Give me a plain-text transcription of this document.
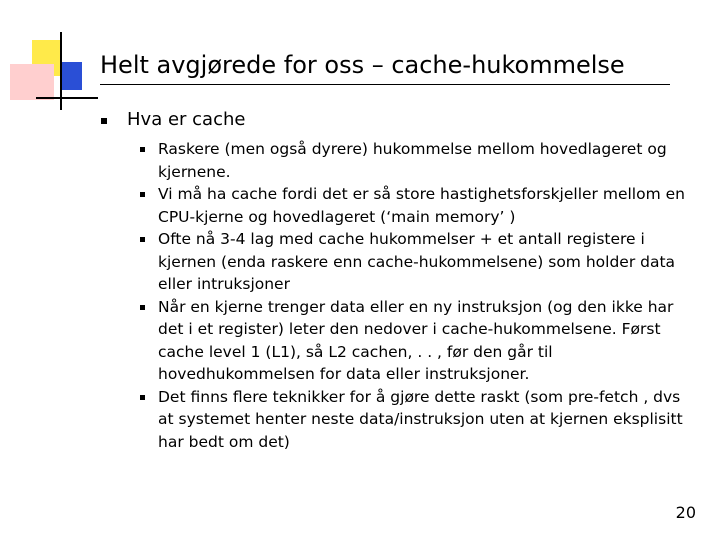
Helt avgjørede for oss – cache-hukommelse
Hva er cache
Raskere (men også dyrere) hukommelse mellom hovedlageret og kjernene.
Vi må ha cache fordi det er så store hastighetsforskjeller mellom en CPU-kjerne og hovedlageret (‘main memory’ )
Ofte nå 3-4 lag med cache hukommelser + et antall registere i kjernen (enda raskere enn cache-hukommelsene) som holder data eller intruksjoner
Når en kjerne trenger data eller en ny instruksjon (og den ikke har det i et register) leter den nedover i cache-hukommelsene. Først cache level 1 (L1), så L2 cachen, . . , før den går til hovedhukommelsen for data eller instruksjoner.
Det finns flere teknikker for å gjøre dette raskt (som pre-fetch , dvs at systemet henter neste data/instruksjon uten at kjernen eksplisitt har bedt om det)
20
